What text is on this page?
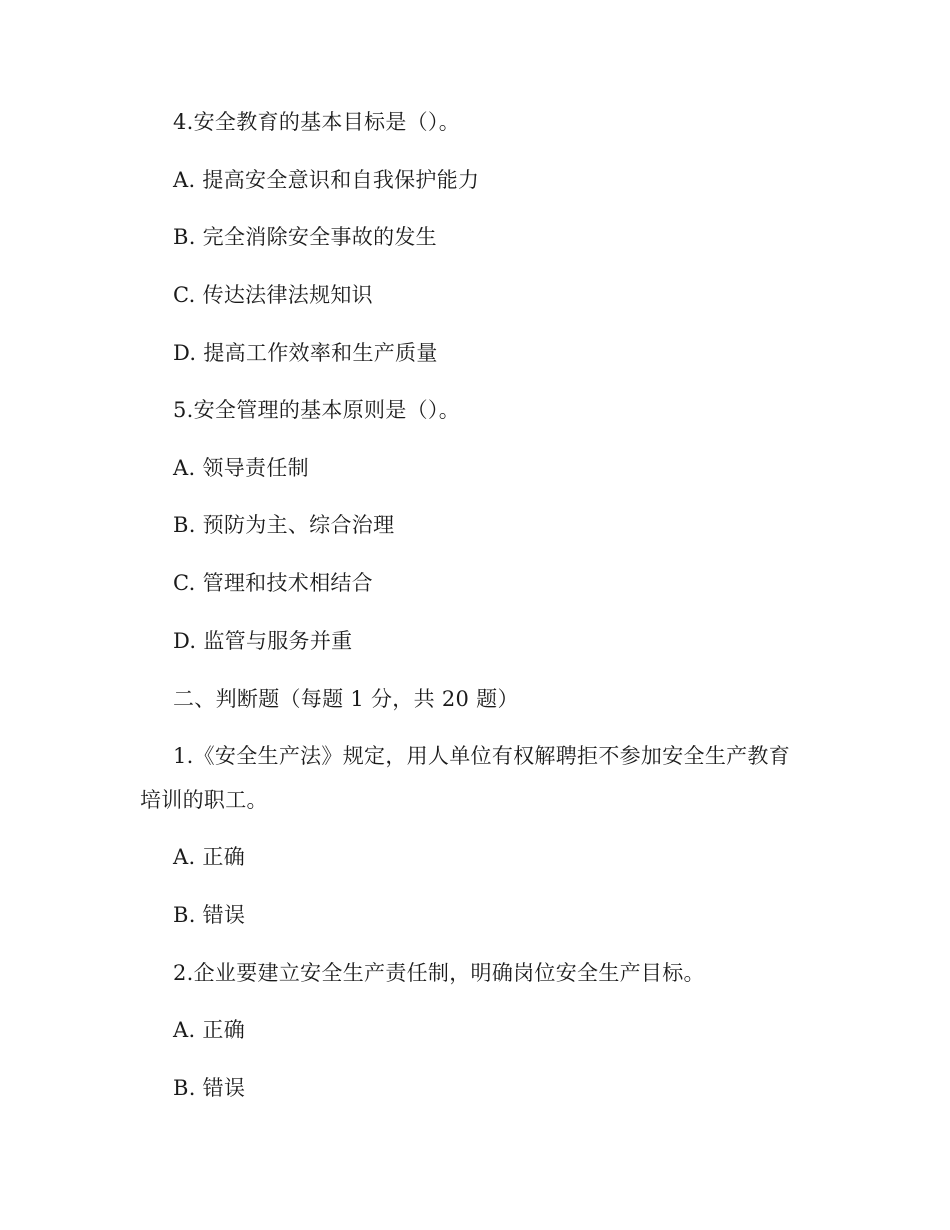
4.安全教育的基本目标是（）。
A. 提高安全意识和自我保护能力
B. 完全消除安全事故的发生
C. 传达法律法规知识
D. 提高工作效率和生产质量
5.安全管理的基本原则是（）。
A. 领导责任制
B. 预防为主、综合治理
C. 管理和技术相结合
D. 监管与服务并重
二、判断题（每题 1 分，共 20 题）
1.《安全生产法》规定，用人单位有权解聘拒不参加安全生产教育
培训的职工。
A. 正确
B. 错误
2.企业要建立安全生产责任制，明确岗位安全生产目标。
A. 正确
B. 错误
